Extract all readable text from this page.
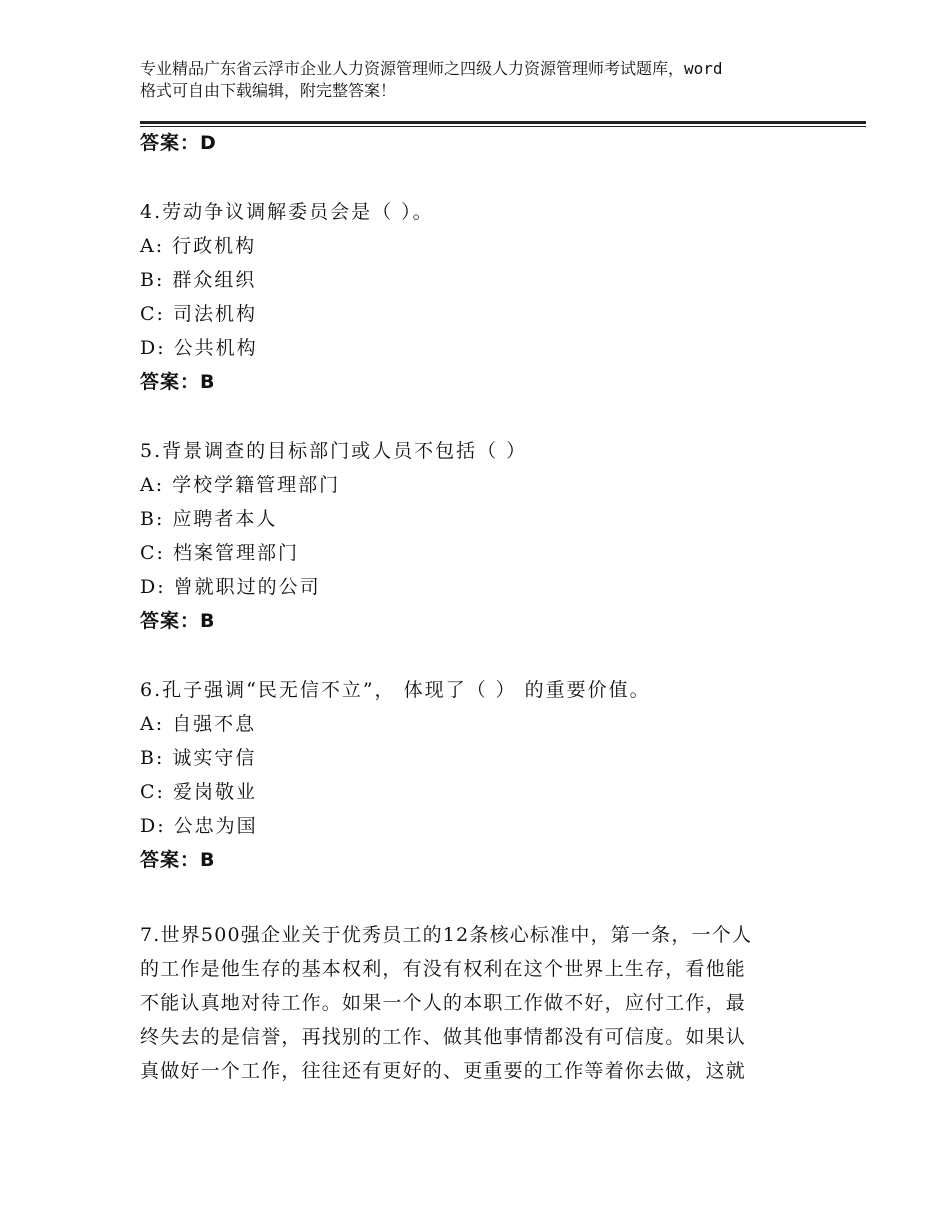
专业精品广东省云浮市企业人力资源管理师之四级人力资源管理师考试题库，word
格式可自由下载编辑，附完整答案！
答案：D
4.劳动争议调解委员会是（ ）。
A: 行政机构
B: 群众组织
C: 司法机构
D: 公共机构
答案：B
5.背景调查的目标部门或人员不包括（ ）
A: 学校学籍管理部门
B: 应聘者本人
C: 档案管理部门
D: 曾就职过的公司
答案：B
6.孔子强调“民无信不立”， 体现了（ ） 的重要价值。
A: 自强不息
B: 诚实守信
C: 爱岗敬业
D: 公忠为国
答案：B
7.世界500强企业关于优秀员工的12条核心标准中，第一条，一个人
的工作是他生存的基本权利，有没有权利在这个世界上生存，看他能
不能认真地对待工作。如果一个人的本职工作做不好，应付工作，最
终失去的是信誉，再找别的工作、做其他事情都没有可信度。如果认
真做好一个工作，往往还有更好的、更重要的工作等着你去做，这就
